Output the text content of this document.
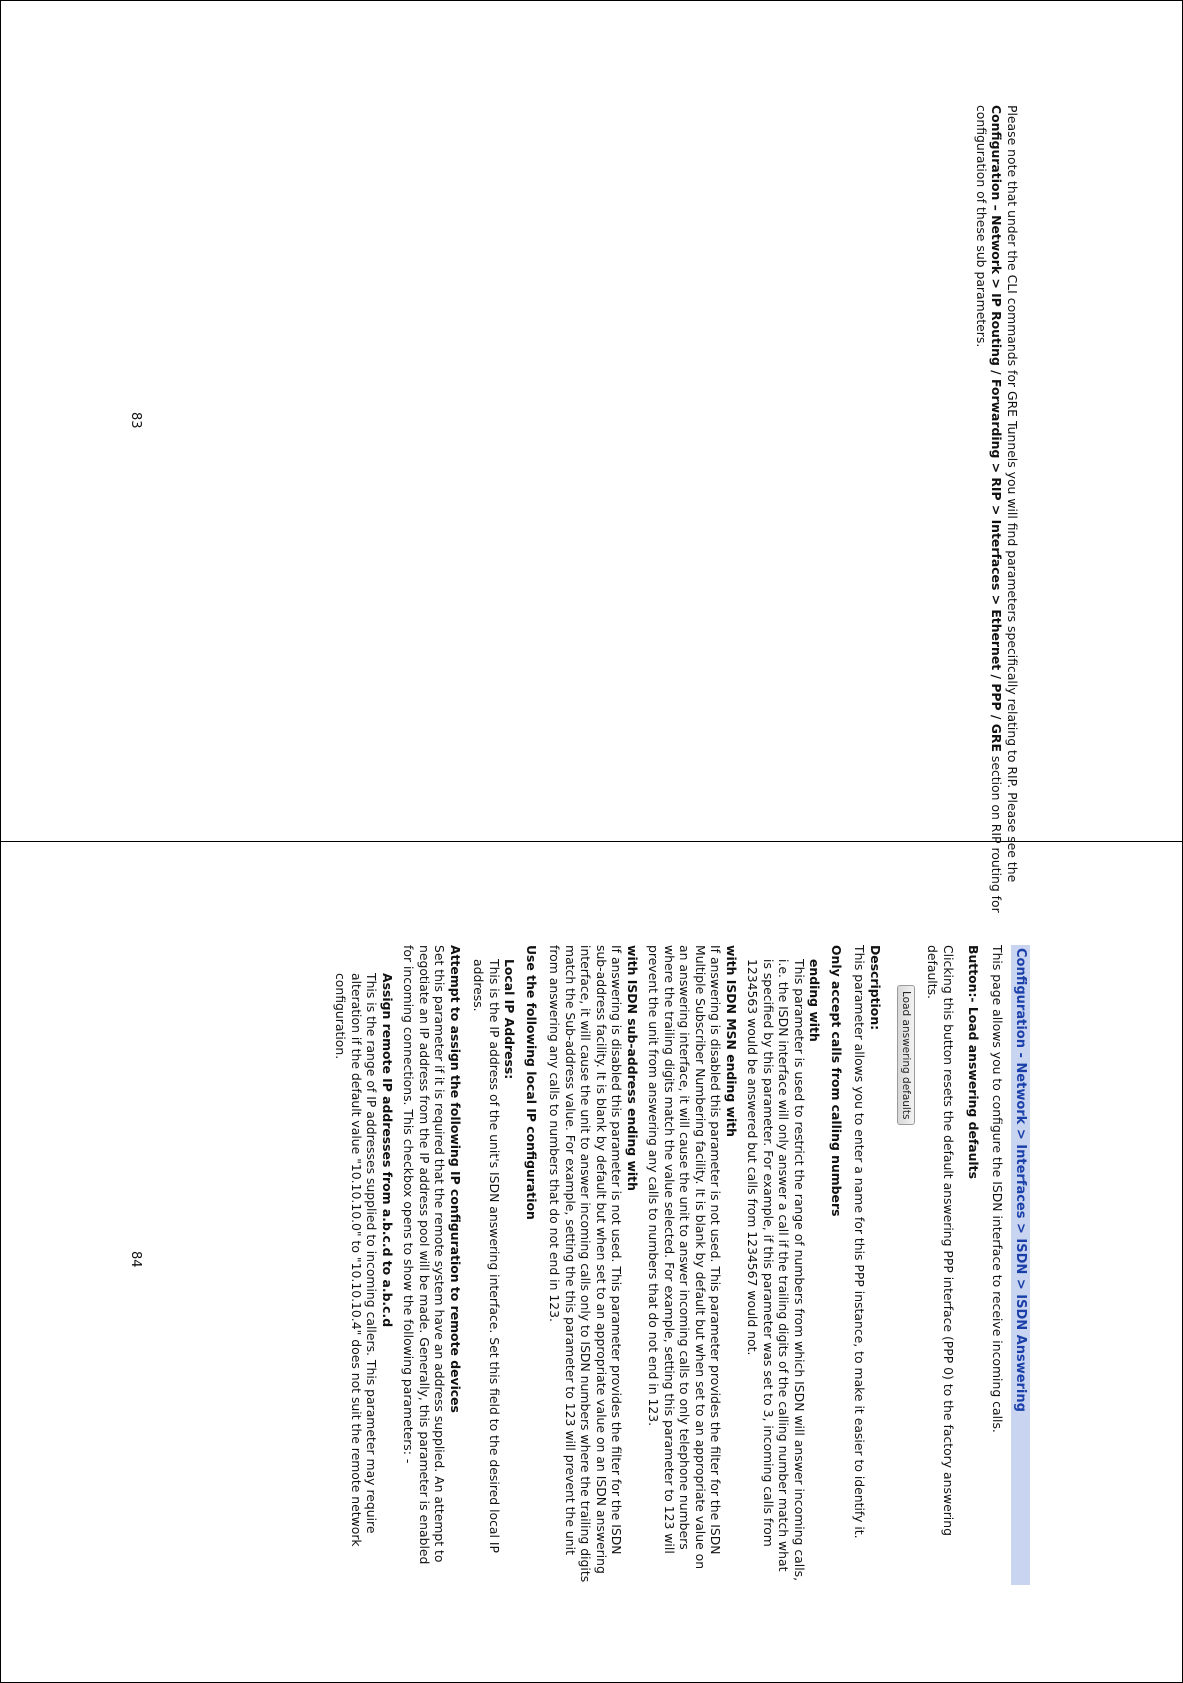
Please note that under the CLI commands for GRE Tunnels you will find parameters specifically relating to RIP. Please see the Configuration – Network > IP Routing / Forwarding > RIP > Interfaces > Ethernet / PPP / GRE section on RIP routing for configuration of these sub parameters.

83
Configuration - Network > Interfaces > ISDN > ISDN Answering

This page allows you to configure the ISDN interface to receive incoming calls.

Button:- Load answering defaults

Clicking this button resets the default answering PPP interface (PPP 0) to the factory answering defaults.

Load answering defaults
Description:

This parameter allows you to enter a name for this PPP instance, to make it easier to identify it.

Only accept calls from calling numbers
ending with

This parameter is used to restrict the range of numbers from which ISDN will answer incoming calls, i.e. the ISDN interface will only answer a call if the trailing digits of the calling number match what is specified by this parameter. For example, if this parameter was set to 3, incoming calls from 1234563 would be answered but calls from 1234567 would not.

with ISDN MSN ending with

If answering is disabled this parameter is not used. This parameter provides the filter for the ISDN Multiple Subscriber Numbering facility. It is blank by default but when set to an appropriate value on an answering interface, it will cause the unit to answer incoming calls to only telephone numbers where the trailing digits match the value selected. For example, setting this parameter to 123 will prevent the unit from answering any calls to numbers that do not end in 123.

with ISDN sub-address ending with

If answering is disabled this parameter is not used. This parameter provides the filter for the ISDN sub-address facility. It is blank by default but when set to an appropriate value on an ISDN answering interface, it will cause the unit to answer incoming calls only to ISDN numbers where the trailing digits match the Sub-address value. For example, setting the this parameter to 123 will prevent the unit from answering any calls to numbers that do not end in 123.

Use the following local IP configuration
Local IP Address:

This is the IP address of the unit's ISDN answering interface. Set this field to the desired local IP address.

Attempt to assign the following IP configuration to remote devices

Set this parameter if it is required that the remote system have an address supplied. An attempt to negotiate an IP address from the IP address pool will be made. Generally, this parameter is enabled for incoming connections. This checkbox opens to show the following parameters: -

Assign remote IP addresses from a.b.c.d to a.b.c.d

This is the range of IP addresses supplied to incoming callers. This parameter may require alteration if the default value "10.10.10.0" to "10.10.10.4" does not suit the remote network configuration.

84
